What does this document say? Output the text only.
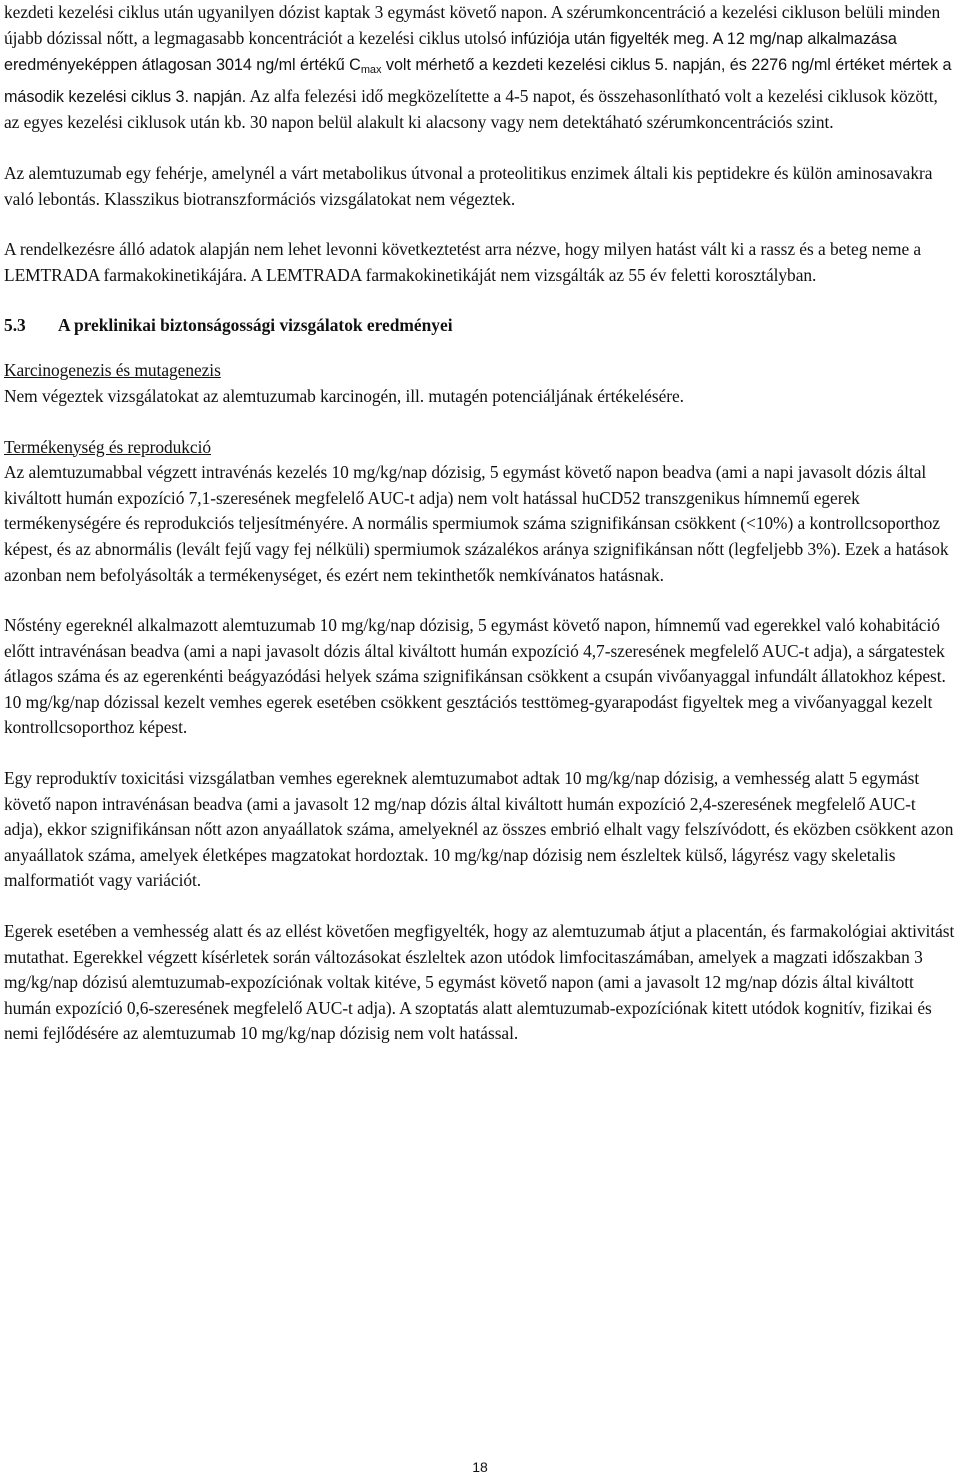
kezdeti kezelési ciklus után ugyanilyen dózist kaptak 3 egymást követő napon. A szérumkoncentráció a kezelési cikluson belüli minden újabb dózissal nőtt, a legmagasabb koncentrációt a kezelési ciklus utolsó infúziója után figyelték meg. A 12 mg/nap alkalmazása eredményeképpen átlagosan 3014 ng/ml értékű $C_{max}$ volt mérhető a kezdeti kezelési ciklus 5. napján, és 2276 ng/ml értéket mértek a második kezelési ciklus 3. napján. Az alfa felezési idő megközelítette a 4-5 napot, és összehasonlítható volt a kezelési ciklusok között, az egyes kezelési ciklusok után kb. 30 napon belül alakult ki alacsony vagy nem detektáható szérumkoncentrációs szint.

Az alemtuzumab egy fehérje, amelynél a várt metabolikus útvonal a proteolitikus enzimek általi kis peptidekre és külön aminosavakra való lebontás. Klasszikus biotranszformációs vizsgálatokat nem végeztek.

A rendelkezésre álló adatok alapján nem lehet levonni következtetést arra nézve, hogy milyen hatást vált ki a rassz és a beteg neme a LEMTRADA farmakokinetikájára. A LEMTRADA farmakokinetikáját nem vizsgálták az 55 év feletti korosztályban.

5.3 A preklinikai biztonságossági vizsgálatok eredményei

Karcinogenezis és mutagenezis

Nem végeztek vizsgálatokat az alemtuzumab karcinogén, ill. mutagén potenciáljának értékelésére.

Termékenység és reprodukció

Az alemtuzumabbal végzett intravénás kezelés 10 mg/kg/nap dózisig, 5 egymást követő napon beadva (ami a napi javasolt dózis által kiváltott humán expozíció 7,1-szeresének megfelelő AUC-t adja) nem volt hatással huCD52 transzgenikus hímnemű egerek termékenységére és reprodukciós teljesítményére. A normális spermiumok száma szignifikánsan csökkent (<10%) a kontrollcsoporthoz képest, és az abnormális (levált fejű vagy fej nélküli) spermiumok százalékos aránya szignifikánsan nőtt (legfeljebb 3%). Ezek a hatások azonban nem befolyásolták a termékenységet, és ezért nem tekinthetők nemkívánatos hatásnak.

Nőstény egereknél alkalmazott alemtuzumab 10 mg/kg/nap dózisig, 5 egymást követő napon, hímnemű vad egerekkel való kohabitáció előtt intravénásan beadva (ami a napi javasolt dózis által kiváltott humán expozíció 4,7-szeresének megfelelő AUC-t adja), a sárgatestek átlagos száma és az egerenkénti beágyazódási helyek száma szignifikánsan csökkent a csupán vivőanyaggal infundált állatokhoz képest. 10 mg/kg/nap dózissal kezelt vemhes egerek esetében csökkent gesztációs testtömeg-gyarapodást figyeltek meg a vivőanyaggal kezelt kontrollcsoporthoz képest.

Egy reproduktív toxicitási vizsgálatban vemhes egereknek alemtuzumabot adtak 10 mg/kg/nap dózisig, a vemhesség alatt 5 egymást követő napon intravénásan beadva (ami a javasolt 12 mg/nap dózis által kiváltott humán expozíció 2,4-szeresének megfelelő AUC-t adja), ekkor szignifikánsan nőtt azon anyaállatok száma, amelyeknél az összes embrió elhalt vagy felszívódott, és eközben csökkent azon anyaállatok száma, amelyek életképes magzatokat hordoztak. 10 mg/kg/nap dózisig nem észleltek külső, lágyrész vagy skeletalis malformatiót vagy variációt.

Egerek esetében a vemhesség alatt és az ellést követően megfigyelték, hogy az alemtuzumab átjut a placentán, és farmakológiai aktivitást mutathat. Egerekkel végzett kísérletek során változásokat észleltek azon utódok limfocitaszámában, amelyek a magzati időszakban 3 mg/kg/nap dózisú alemtuzumab-expozíciónak voltak kitéve, 5 egymást követő napon (ami a javasolt 12 mg/nap dózis által kiváltott humán expozíció 0,6-szeresének megfelelő AUC-t adja). A szoptatás alatt alemtuzumab-expozíciónak kitett utódok kognitív, fizikai és nemi fejlődésére az alemtuzumab 10 mg/kg/nap dózisig nem volt hatással.

18
